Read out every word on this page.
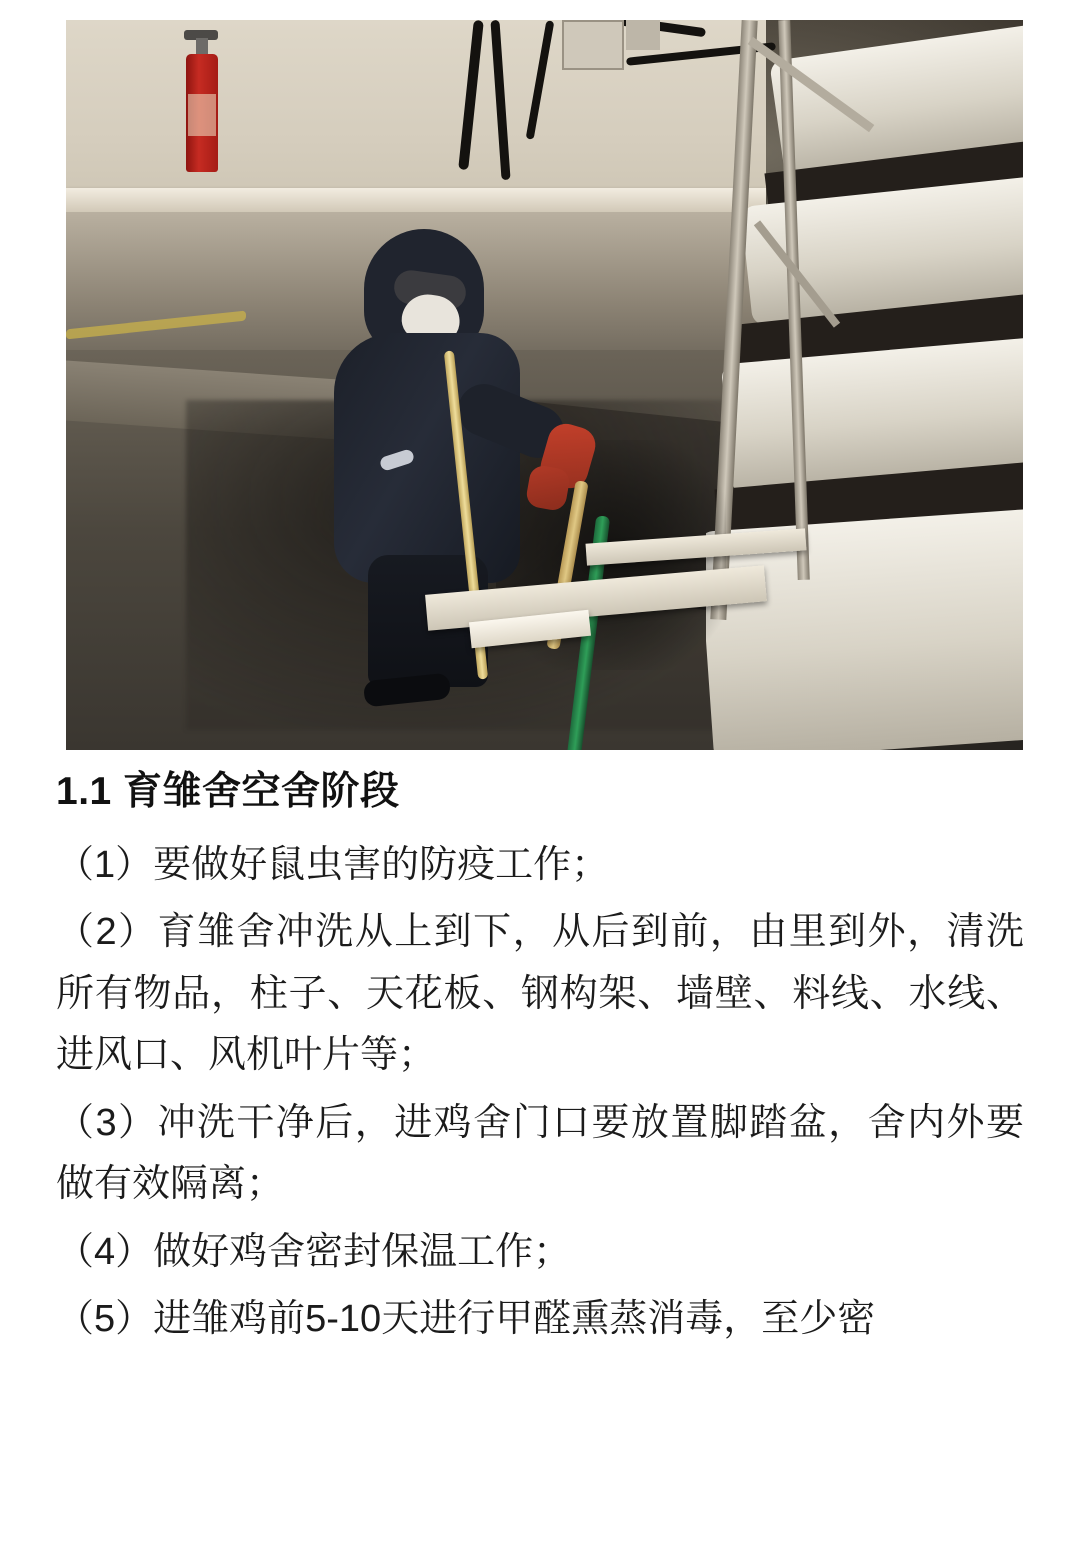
1.1 育雏舍空舍阶段

（1）要做好鼠虫害的防疫工作；

（2）育雏舍冲洗从上到下，从后到前，由里到外，清洗所有物品，柱子、天花板、钢构架、墙壁、料线、水线、进风口、风机叶片等；

（3）冲洗干净后，进鸡舍门口要放置脚踏盆，舍内外要做有效隔离；

（4）做好鸡舍密封保温工作；

（5）进雏鸡前5-10天进行甲醛熏蒸消毒，至少密
